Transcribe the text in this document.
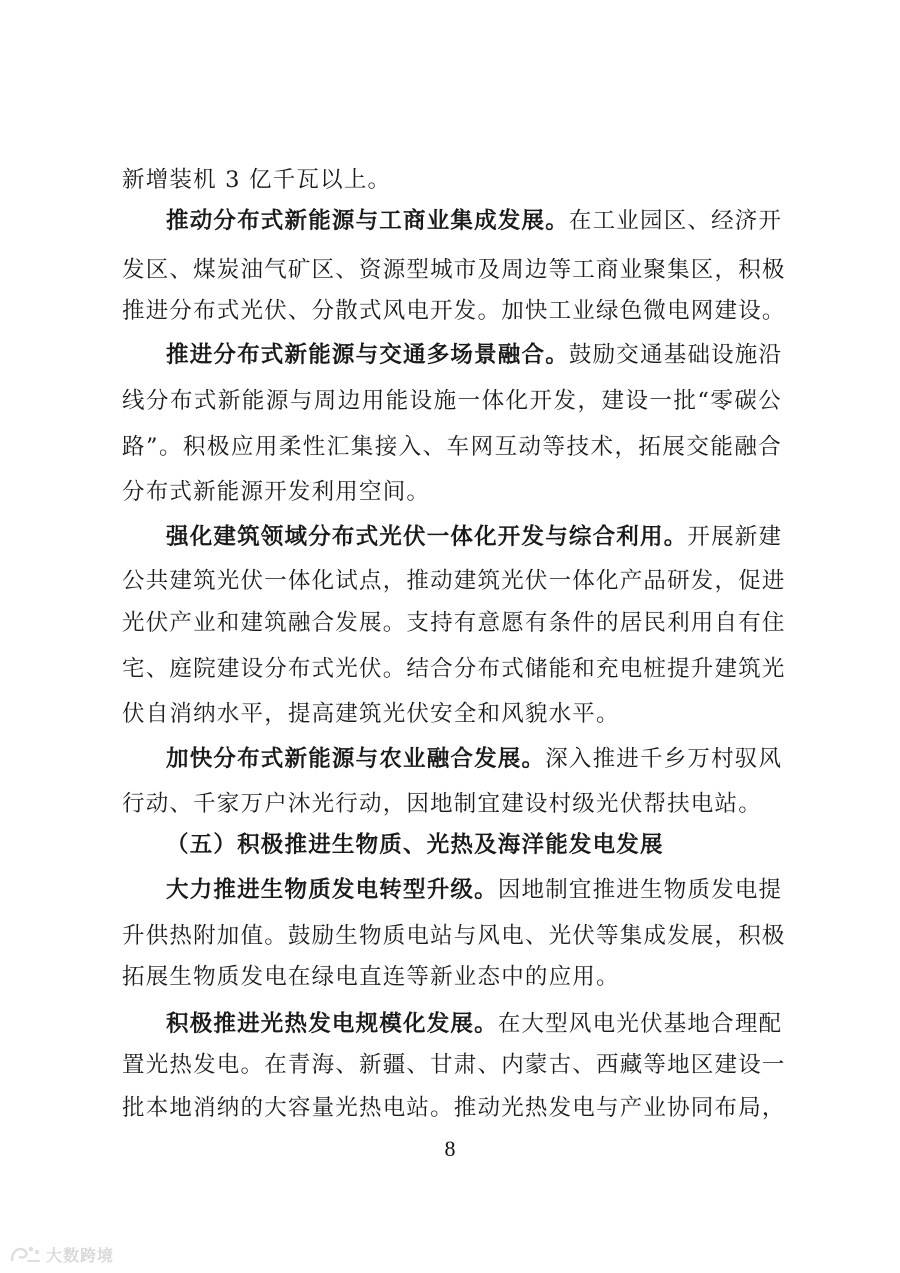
新增装机 3 亿千瓦以上。
推动分布式新能源与工商业集成发展。在工业园区、经济开
发区、煤炭油气矿区、资源型城市及周边等工商业聚集区，积极
推进分布式光伏、分散式风电开发。加快工业绿色微电网建设。
推进分布式新能源与交通多场景融合。鼓励交通基础设施沿
线分布式新能源与周边用能设施一体化开发，建设一批“零碳公
路”。积极应用柔性汇集接入、车网互动等技术，拓展交能融合
分布式新能源开发利用空间。
强化建筑领域分布式光伏一体化开发与综合利用。开展新建
公共建筑光伏一体化试点，推动建筑光伏一体化产品研发，促进
光伏产业和建筑融合发展。支持有意愿有条件的居民利用自有住
宅、庭院建设分布式光伏。结合分布式储能和充电桩提升建筑光
伏自消纳水平，提高建筑光伏安全和风貌水平。
加快分布式新能源与农业融合发展。深入推进千乡万村驭风
行动、千家万户沐光行动，因地制宜建设村级光伏帮扶电站。
（五）积极推进生物质、光热及海洋能发电发展
大力推进生物质发电转型升级。因地制宜推进生物质发电提
升供热附加值。鼓励生物质电站与风电、光伏等集成发展，积极
拓展生物质发电在绿电直连等新业态中的应用。
积极推进光热发电规模化发展。在大型风电光伏基地合理配
置光热发电。在青海、新疆、甘肃、内蒙古、西藏等地区建设一
批本地消纳的大容量光热电站。推动光热发电与产业协同布局，
8
大数跨境
